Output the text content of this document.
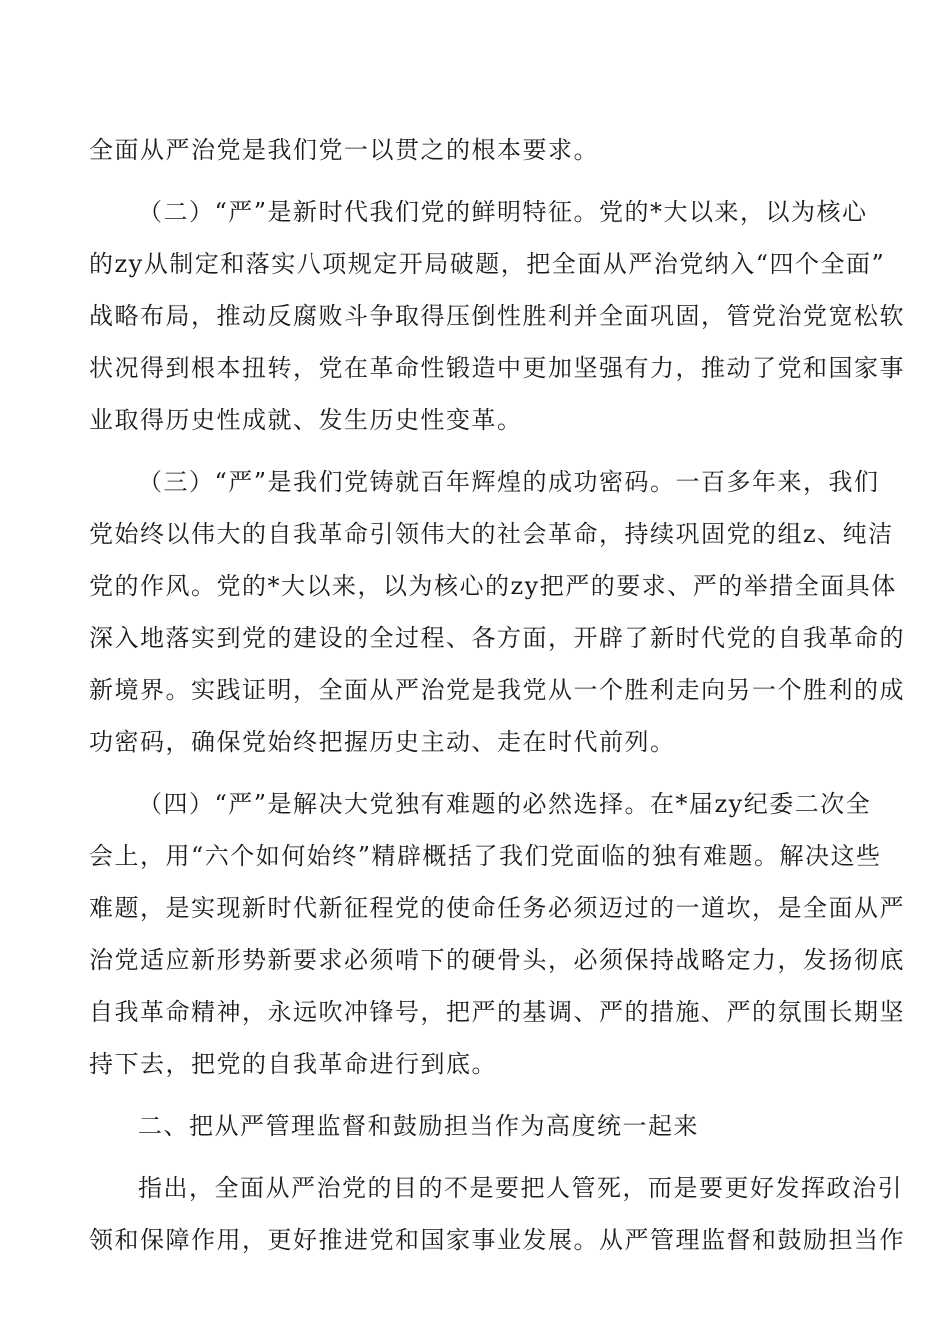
全面从严治党是我们党一以贯之的根本要求。
（二）“严”是新时代我们党的鲜明特征。党的*大以来，以为核心
的zy从制定和落实八项规定开局破题，把全面从严治党纳入“四个全面”
战略布局，推动反腐败斗争取得压倒性胜利并全面巩固，管党治党宽松软
状况得到根本扭转，党在革命性锻造中更加坚强有力，推动了党和国家事
业取得历史性成就、发生历史性变革。
（三）“严”是我们党铸就百年辉煌的成功密码。一百多年来，我们
党始终以伟大的自我革命引领伟大的社会革命，持续巩固党的组z、纯洁
党的作风。党的*大以来，以为核心的zy把严的要求、严的举措全面具体
深入地落实到党的建设的全过程、各方面，开辟了新时代党的自我革命的
新境界。实践证明，全面从严治党是我党从一个胜利走向另一个胜利的成
功密码，确保党始终把握历史主动、走在时代前列。
（四）“严”是解决大党独有难题的必然选择。在*届zy纪委二次全
会上，用“六个如何始终”精辟概括了我们党面临的独有难题。解决这些
难题，是实现新时代新征程党的使命任务必须迈过的一道坎，是全面从严
治党适应新形势新要求必须啃下的硬骨头，必须保持战略定力，发扬彻底
自我革命精神，永远吹冲锋号，把严的基调、严的措施、严的氛围长期坚
持下去，把党的自我革命进行到底。
二、把从严管理监督和鼓励担当作为高度统一起来
指出，全面从严治党的目的不是要把人管死，而是要更好发挥政治引
领和保障作用，更好推进党和国家事业发展。从严管理监督和鼓励担当作
